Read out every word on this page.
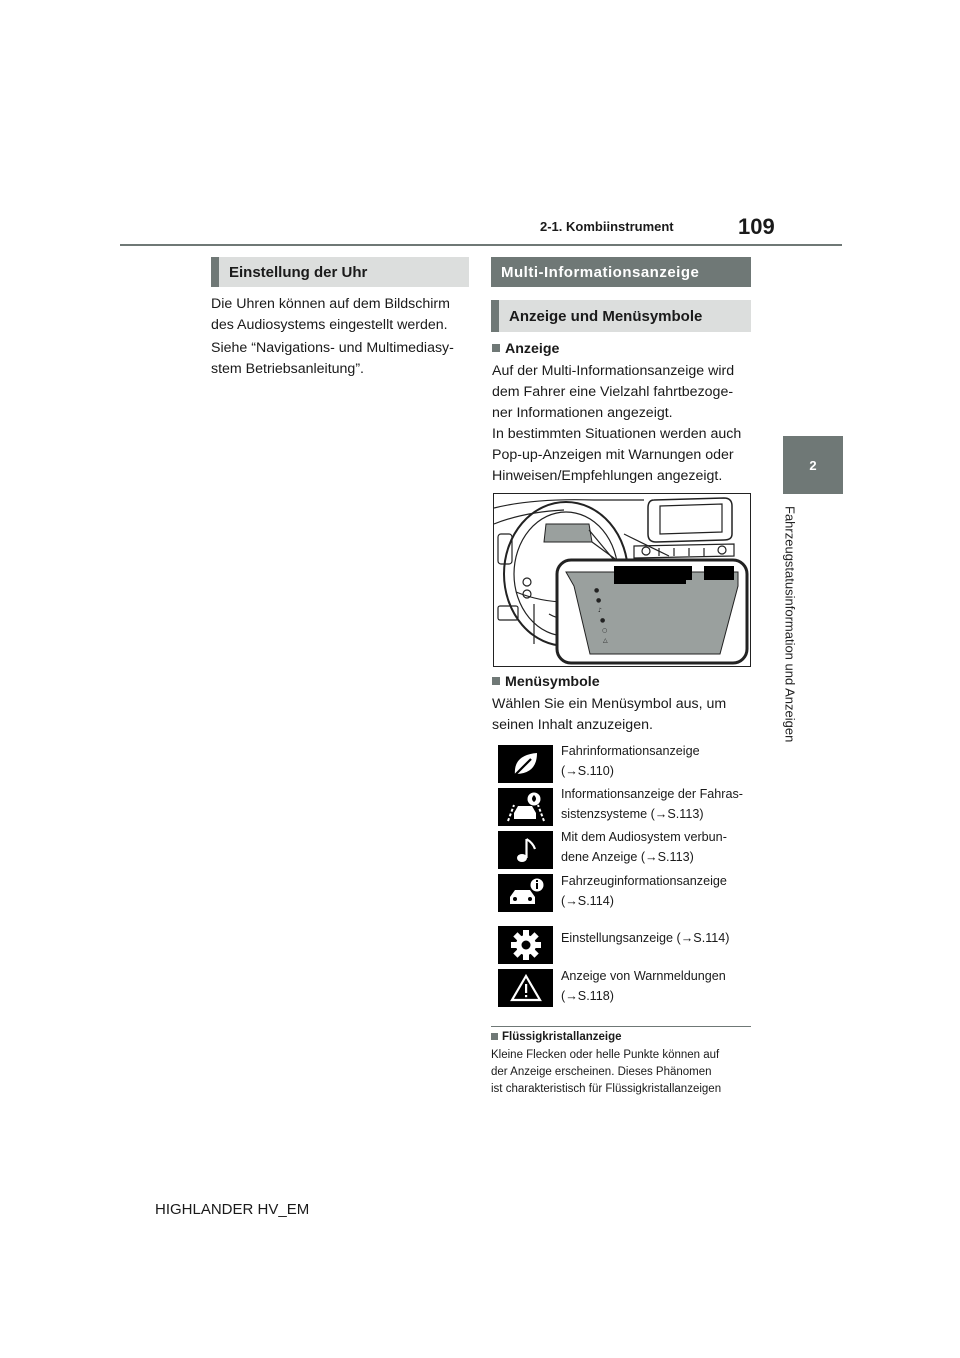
2-1. Kombiinstrument	109
2
Fahrzeugstatusinformation und Anzeigen
Einstellung der Uhr
Die Uhren können auf dem Bildschirm
des Audiosystems eingestellt werden.
Siehe “Navigations- und Multimediasy-
stem Betriebsanleitung”.
Multi-Informationsanzeige
Anzeige und Menüsymbole
Anzeige
Auf der Multi-Informationsanzeige wird
dem Fahrer eine Vielzahl fahrtbezoge-
ner Informationen angezeigt.
In bestimmten Situationen werden auch
Pop-up-Anzeigen mit Warnungen oder
Hinweisen/Empfehlungen angezeigt.
●
●
♪
●
○
△
Menüsymbole
Wählen Sie ein Menüsymbol aus, um
seinen Inhalt anzuzeigen.
Fahrinformationsanzeige
(→S.110)
Informationsanzeige der Fahras-
sistenzsysteme (→S.113)
Mit dem Audiosystem verbun-
dene Anzeige (→S.113)
Fahrzeuginformationsanzeige
(→S.114)
Einstellungsanzeige (→S.114)
Anzeige von Warnmeldungen
(→S.118)
Flüssigkristallanzeige
Kleine Flecken oder helle Punkte können auf
der Anzeige erscheinen. Dieses Phänomen
ist charakteristisch für Flüssigkristallanzeigen
HIGHLANDER HV_EM
